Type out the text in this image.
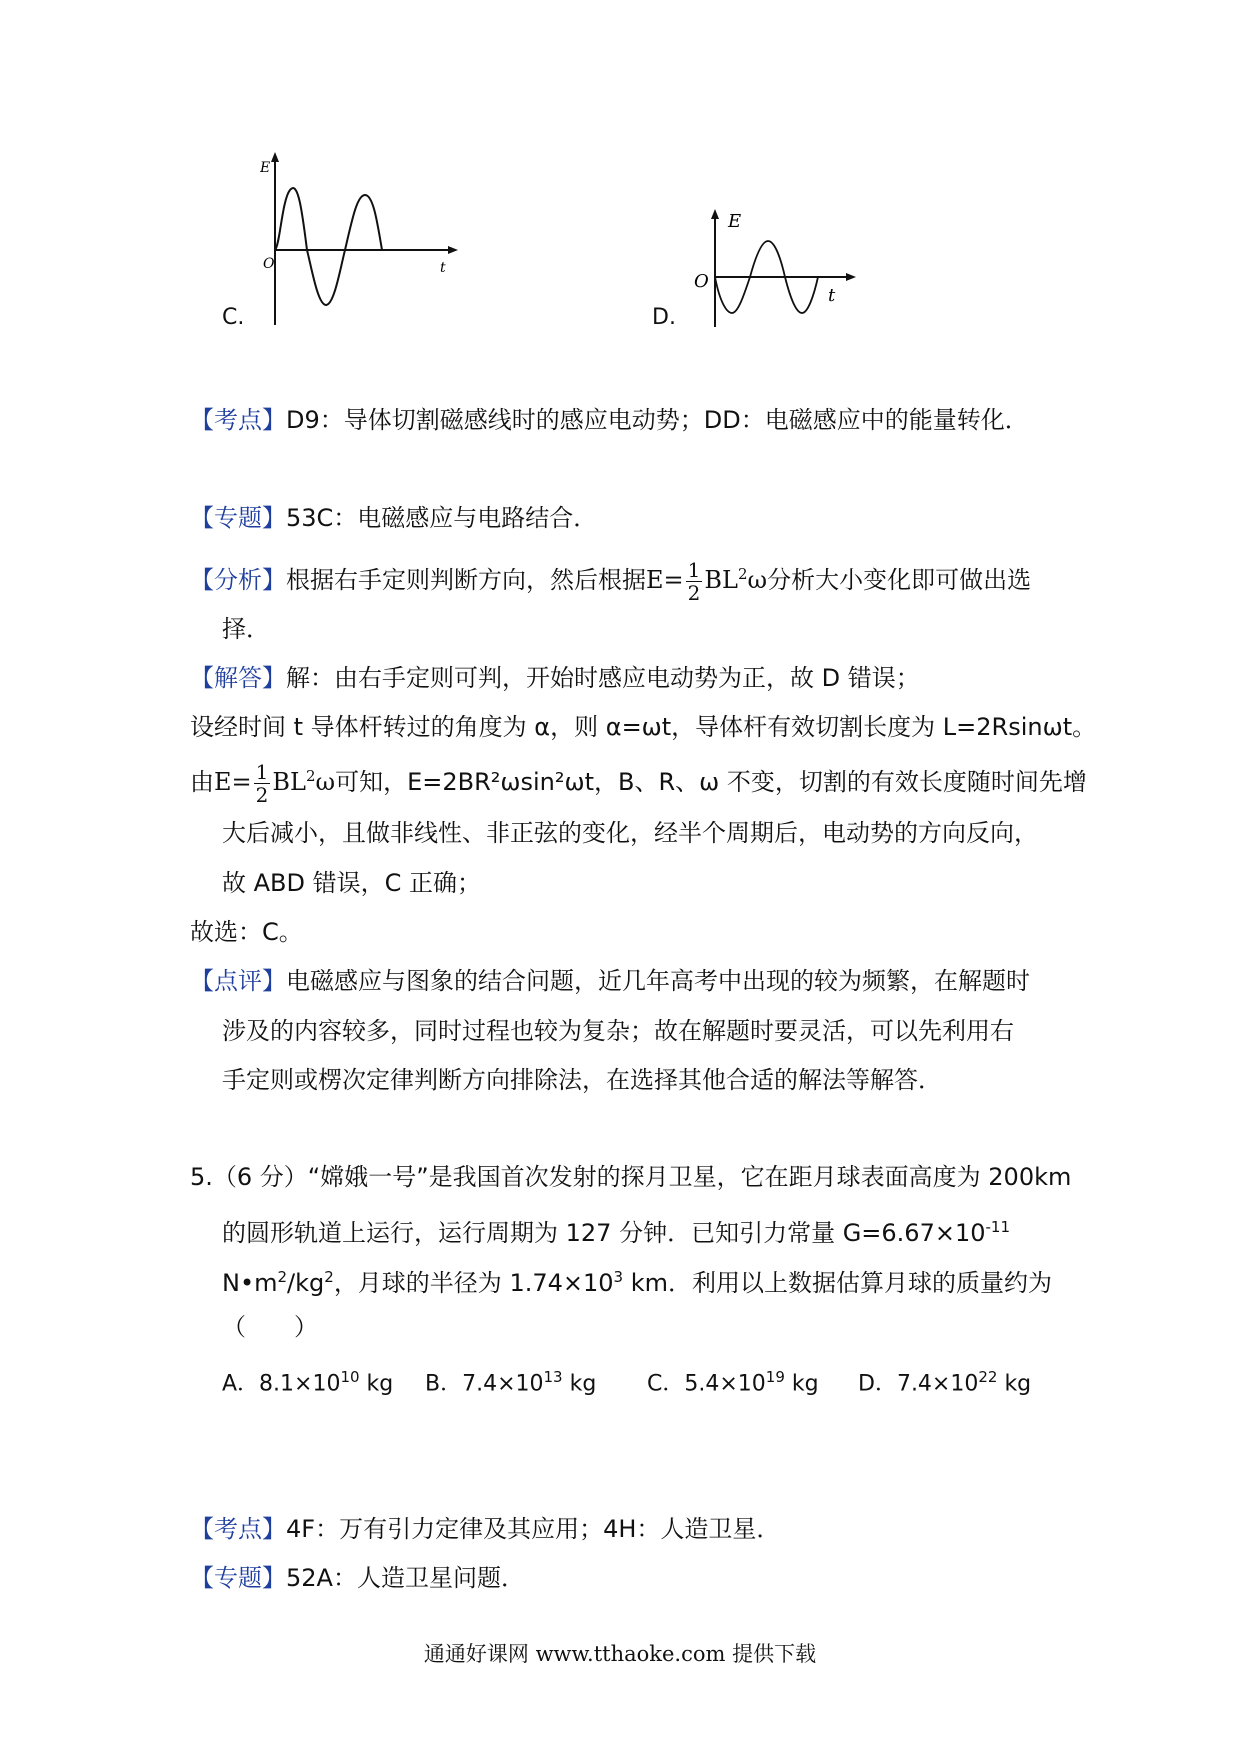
E
O	t
C.
E
O
t
D.
【考点】D9：导体切割磁感线时的感应电动势；DD：电磁感应中的能量转化．
【专题】53C：电磁感应与电路结合．
【分析】根据右手定则判断方向，然后根据$E= \frac{1}{2} BL^2\omega$分析大小变化即可做出选
择．
【解答】解：由右手定则可判，开始时感应电动势为正，故 D 错误；
设经时间 t 导体杆转过的角度为 α，则 α=ωt，导体杆有效切割长度为 L=2Rsinωt。
由$E= \frac{1}{2} BL^2\omega$可知，E=2BR²ωsin²ωt，B、R、ω 不变，切割的有效长度随时间先增
大后减小，且做非线性、非正弦的变化，经半个周期后，电动势的方向反向，
故 ABD 错误，C 正确；
故选：C。
【点评】电磁感应与图象的结合问题，近几年高考中出现的较为频繁，在解题时
涉及的内容较多，同时过程也较为复杂；故在解题时要灵活，可以先利用右
手定则或楞次定律判断方向排除法，在选择其他合适的解法等解答．
5.（6 分）“嫦娥一号”是我国首次发射的探月卫星，它在距月球表面高度为 200km
的圆形轨道上运行，运行周期为 127 分钟．已知引力常量 $G=6.67\times 10^{-11}$
$N•m^2/kg^2$，月球的半径为 $1.74\times 10^3$ km．利用以上数据估算月球的质量约为
（　　）
A．$8.1\times 10^{10}$ kg B．$7.4\times 10^{13}$ kg C．$5.4\times 10^{19}$ kg D．$7.4\times 10^{22}$ kg
【考点】4F：万有引力定律及其应用；4H：人造卫星．
【专题】52A：人造卫星问题．
通通好课网 www.tthaoke.com 提供下载
